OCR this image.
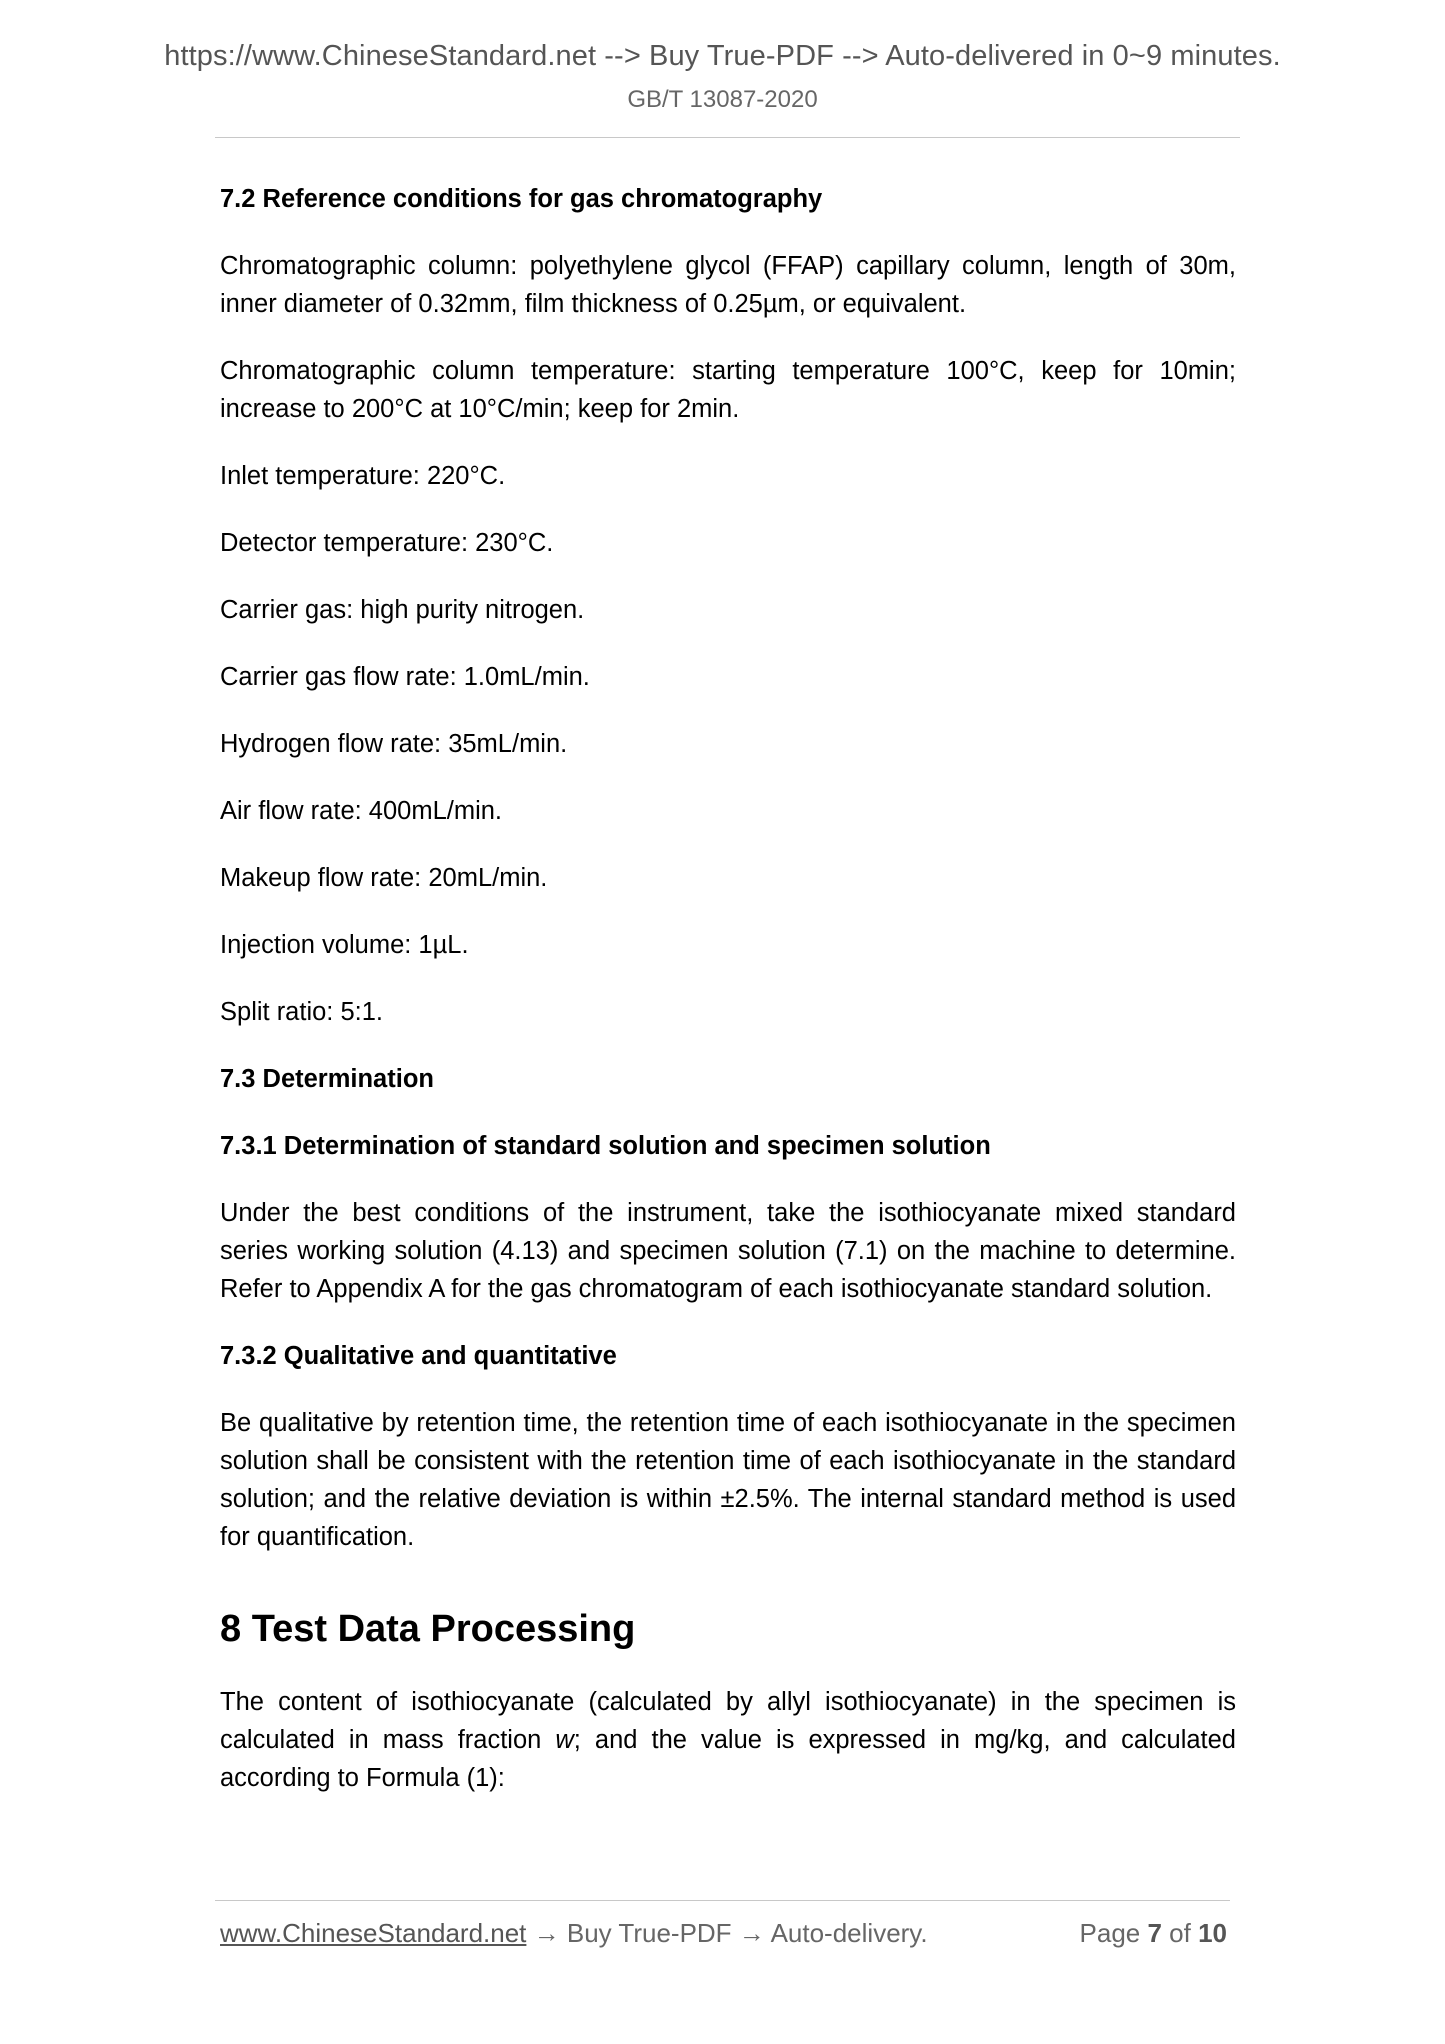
https://www.ChineseStandard.net --> Buy True-PDF --> Auto-delivered in 0~9 minutes.
GB/T 13087-2020

7.2 Reference conditions for gas chromatography

Chromatographic column: polyethylene glycol (FFAP) capillary column, length of 30m, inner diameter of 0.32mm, film thickness of 0.25µm, or equivalent.

Chromatographic column temperature: starting temperature 100°C, keep for 10min; increase to 200°C at 10°C/min; keep for 2min.

Inlet temperature: 220°C.

Detector temperature: 230°C.

Carrier gas: high purity nitrogen.

Carrier gas flow rate: 1.0mL/min.

Hydrogen flow rate: 35mL/min.

Air flow rate: 400mL/min.

Makeup flow rate: 20mL/min.

Injection volume: 1µL.

Split ratio: 5:1.

7.3 Determination

7.3.1 Determination of standard solution and specimen solution

Under the best conditions of the instrument, take the isothiocyanate mixed standard series working solution (4.13) and specimen solution (7.1) on the machine to determine. Refer to Appendix A for the gas chromatogram of each isothiocyanate standard solution.

7.3.2 Qualitative and quantitative

Be qualitative by retention time, the retention time of each isothiocyanate in the specimen solution shall be consistent with the retention time of each isothiocyanate in the standard solution; and the relative deviation is within ±2.5%. The internal standard method is used for quantification.

8 Test Data Processing

The content of isothiocyanate (calculated by allyl isothiocyanate) in the specimen is calculated in mass fraction w; and the value is expressed in mg/kg, and calculated according to Formula (1):

www.ChineseStandard.net → Buy True-PDF → Auto-delivery.	Page 7 of 10
